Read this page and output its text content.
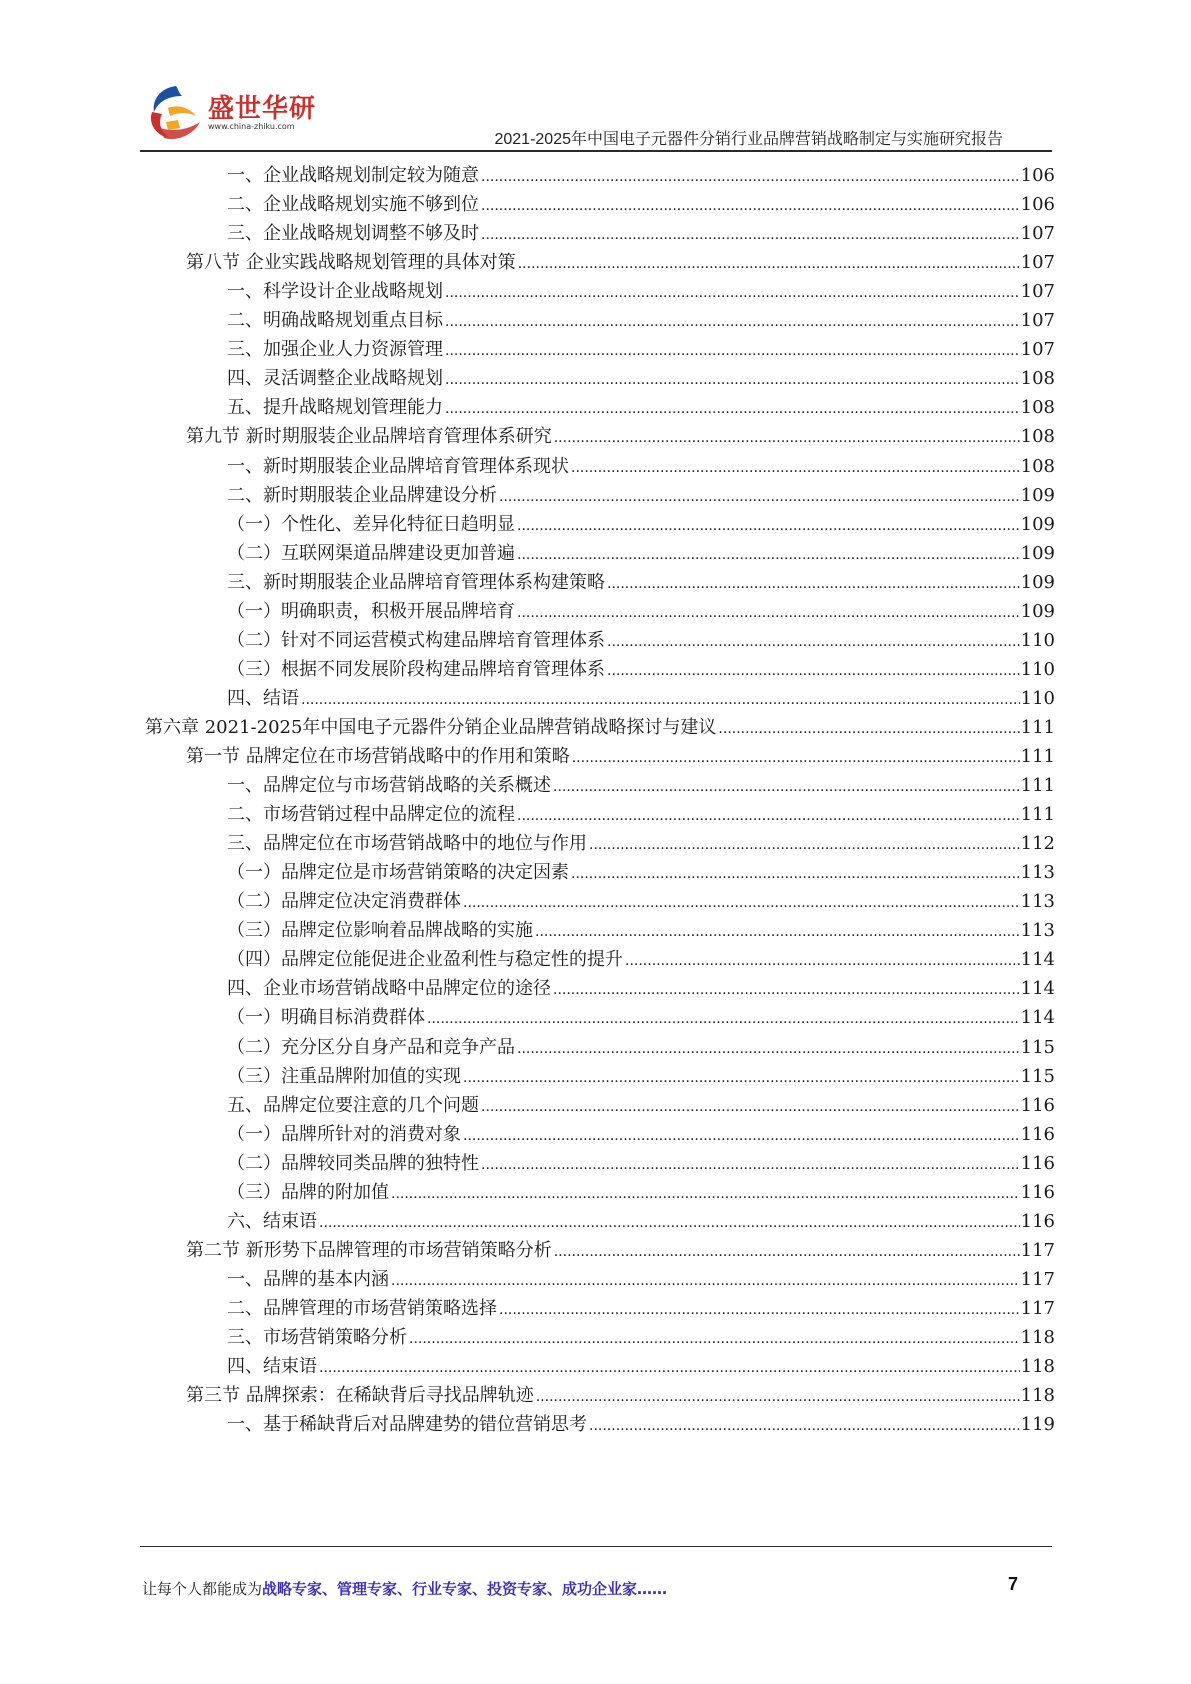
盛世华研
www.china-zhiku.com
2021-2025年中国电子元器件分销行业品牌营销战略制定与实施研究报告
一、企业战略规划制定较为随意 .....	106
二、企业战略规划实施不够到位 .....	106
三、企业战略规划调整不够及时 .....	107
第八节 企业实践战略规划管理的具体对策 .....	107
一、科学设计企业战略规划 .....	107
二、明确战略规划重点目标 .....	107
三、加强企业人力资源管理 .....	107
四、灵活调整企业战略规划 .....	108
五、提升战略规划管理能力 .....	108
第九节 新时期服装企业品牌培育管理体系研究 .....	108
一、新时期服装企业品牌培育管理体系现状 .....	108
二、新时期服装企业品牌建设分析 .....	109
（一）个性化、差异化特征日趋明显 .....	109
（二）互联网渠道品牌建设更加普遍 .....	109
三、新时期服装企业品牌培育管理体系构建策略 .....	109
（一）明确职责，积极开展品牌培育 .....	109
（二）针对不同运营模式构建品牌培育管理体系 .....	110
（三）根据不同发展阶段构建品牌培育管理体系 .....	110
四、结语 .....	110
第六章 2021-2025年中国电子元器件分销企业品牌营销战略探讨与建议 .....	111
第一节 品牌定位在市场营销战略中的作用和策略 .....	111
一、品牌定位与市场营销战略的关系概述 .....	111
二、市场营销过程中品牌定位的流程 .....	111
三、品牌定位在市场营销战略中的地位与作用 .....	112
（一）品牌定位是市场营销策略的决定因素 .....	113
（二）品牌定位决定消费群体 .....	113
（三）品牌定位影响着品牌战略的实施 .....	113
（四）品牌定位能促进企业盈利性与稳定性的提升 .....	114
四、企业市场营销战略中品牌定位的途径 .....	114
（一）明确目标消费群体 .....	114
（二）充分区分自身产品和竞争产品 .....	115
（三）注重品牌附加值的实现 .....	115
五、品牌定位要注意的几个问题 .....	116
（一）品牌所针对的消费对象 .....	116
（二）品牌较同类品牌的独特性 .....	116
（三）品牌的附加值 .....	116
六、结束语 .....	116
第二节 新形势下品牌管理的市场营销策略分析 .....	117
一、品牌的基本内涵 .....	117
二、品牌管理的市场营销策略选择 .....	117
三、市场营销策略分析 .....	118
四、结束语 .....	118
第三节 品牌探索：在稀缺背后寻找品牌轨迹 .....	118
一、基于稀缺背后对品牌建势的错位营销思考 .....	119
让每个人都能成为战略专家、管理专家、行业专家、投资专家、成功企业家……	7
